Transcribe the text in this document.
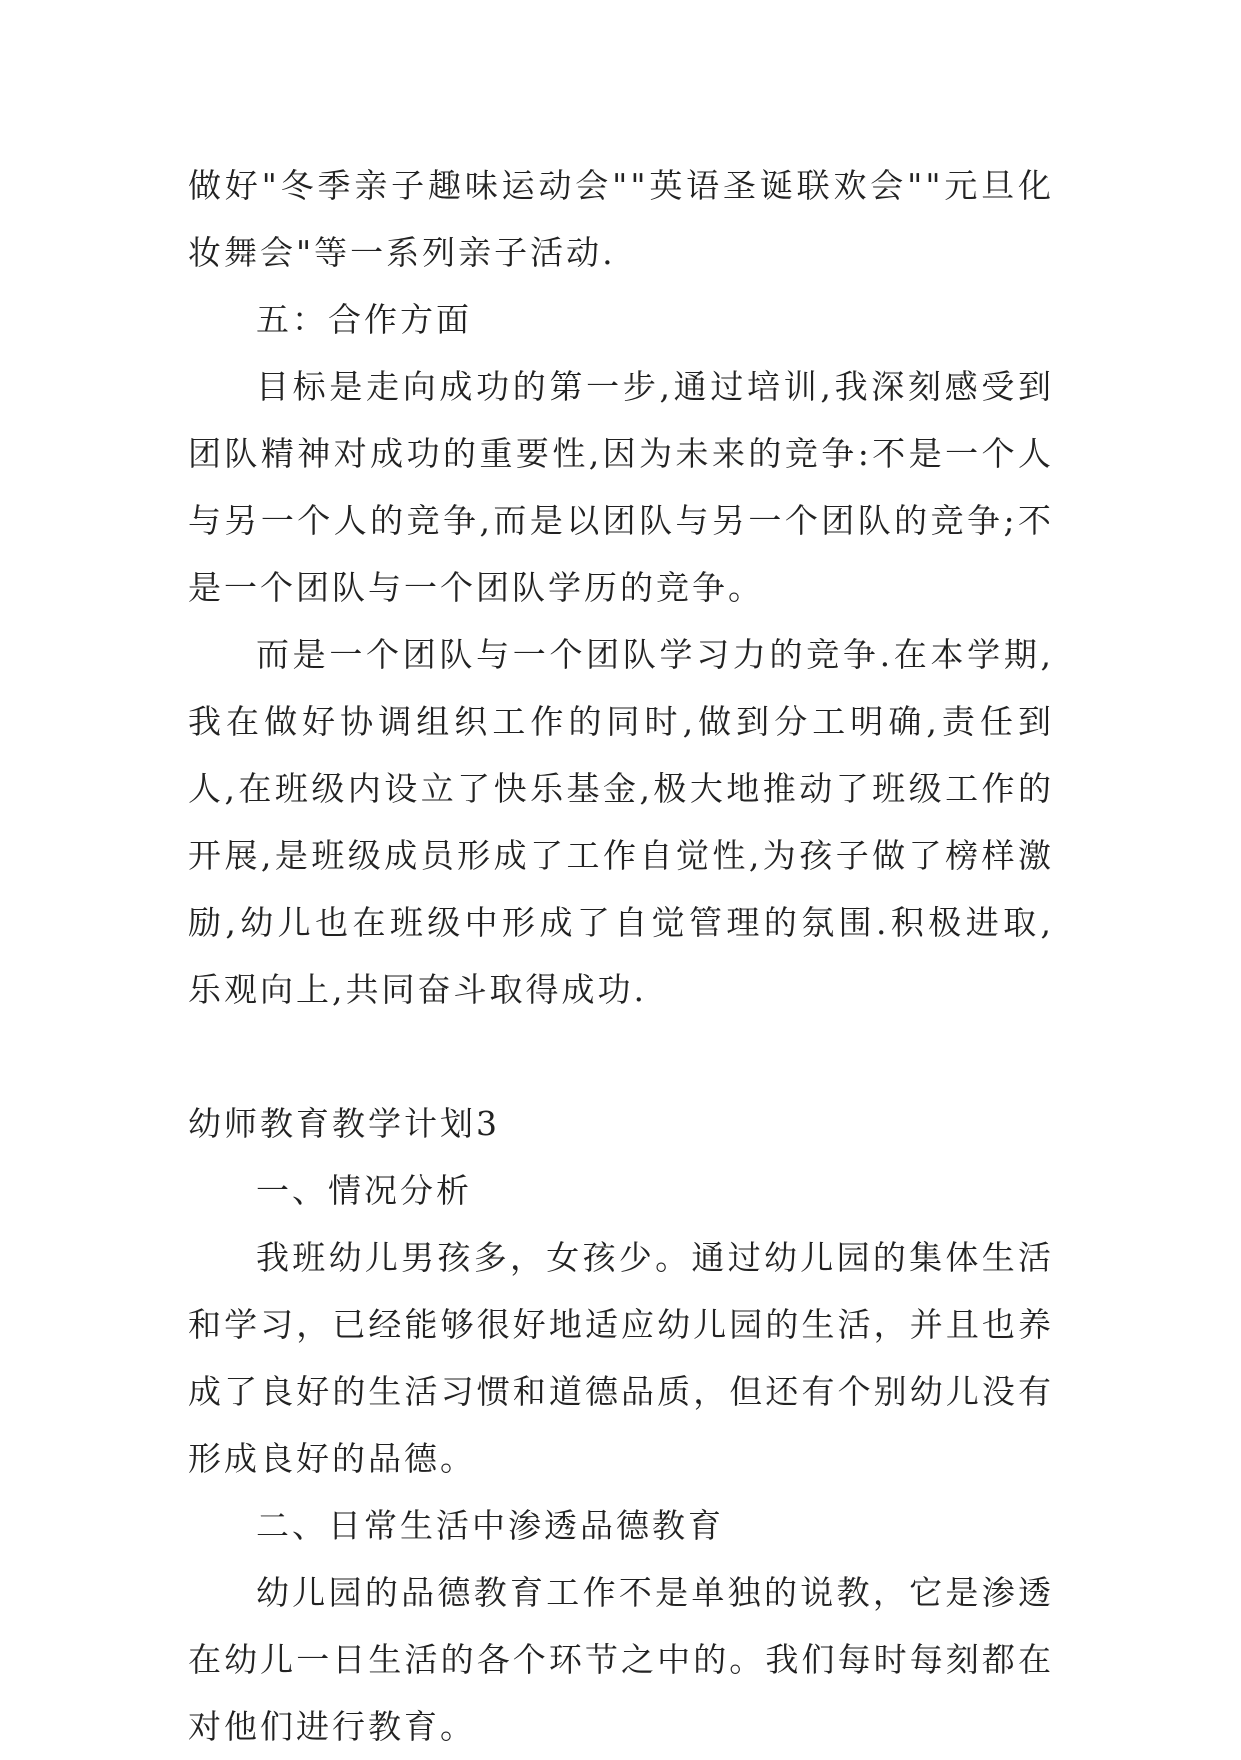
做好"冬季亲子趣味运动会""英语圣诞联欢会""元旦化妆舞会"等一系列亲子活动.

五：合作方面

目标是走向成功的第一步,通过培训,我深刻感受到团队精神对成功的重要性,因为未来的竞争:不是一个人与另一个人的竞争,而是以团队与另一个团队的竞争;不是一个团队与一个团队学历的竞争。

而是一个团队与一个团队学习力的竞争.在本学期,我在做好协调组织工作的同时,做到分工明确,责任到人,在班级内设立了快乐基金,极大地推动了班级工作的开展,是班级成员形成了工作自觉性,为孩子做了榜样激励,幼儿也在班级中形成了自觉管理的氛围.积极进取,乐观向上,共同奋斗取得成功.

幼师教育教学计划3

一、情况分析

我班幼儿男孩多，女孩少。通过幼儿园的集体生活和学习，已经能够很好地适应幼儿园的生活，并且也养成了良好的生活习惯和道德品质，但还有个别幼儿没有形成良好的品德。

二、日常生活中渗透品德教育

幼儿园的品德教育工作不是单独的说教，它是渗透在幼儿一日生活的各个环节之中的。我们每时每刻都在对他们进行教育。
